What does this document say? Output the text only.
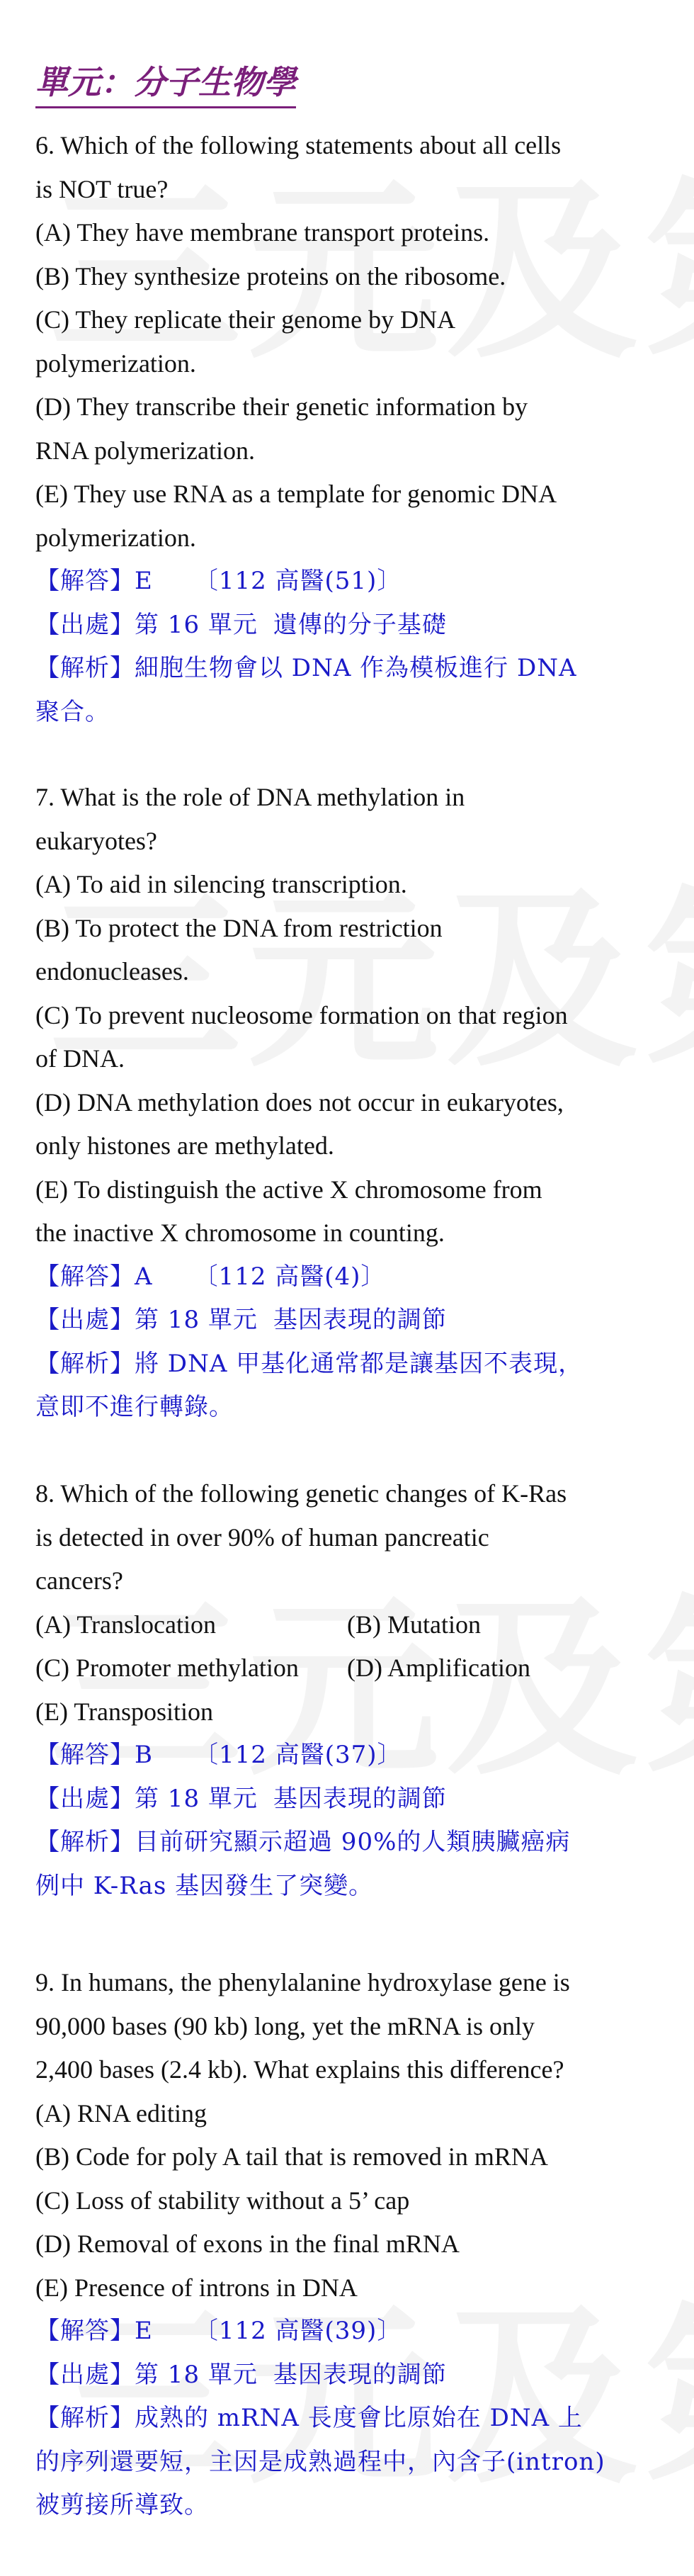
單元：分子生物學
6. Which of the following statements about all cells
is NOT true?
(A) They have membrane transport proteins.
(B) They synthesize proteins on the ribosome.
(C) They replicate their genome by DNA
polymerization.
(D) They transcribe their genetic information by
RNA polymerization.
(E) They use RNA as a template for genomic DNA
polymerization.
【解答】E 〔112 高醫(51)〕
【出處】第 16 單元 遺傳的分子基礎
【解析】細胞生物會以 DNA 作為模板進行 DNA
聚合。
7. What is the role of DNA methylation in
eukaryotes?
(A) To aid in silencing transcription.
(B) To protect the DNA from restriction
endonucleases.
(C) To prevent nucleosome formation on that region
of DNA.
(D) DNA methylation does not occur in eukaryotes,
only histones are methylated.
(E) To distinguish the active X chromosome from
the inactive X chromosome in counting.
【解答】A 〔112 高醫(4)〕
【出處】第 18 單元 基因表現的調節
【解析】將 DNA 甲基化通常都是讓基因不表現，
意即不進行轉錄。
8. Which of the following genetic changes of K-Ras
is detected in over 90% of human pancreatic
cancers?
(A) Translocation	(B) Mutation
(C) Promoter methylation	(D) Amplification
(E) Transposition
【解答】B 〔112 高醫(37)〕
【出處】第 18 單元 基因表現的調節
【解析】目前研究顯示超過 90%的人類胰臟癌病
例中 K-Ras 基因發生了突變。
9. In humans, the phenylalanine hydroxylase gene is
90,000 bases (90 kb) long, yet the mRNA is only
2,400 bases (2.4 kb). What explains this difference?
(A) RNA editing
(B) Code for poly A tail that is removed in mRNA
(C) Loss of stability without a 5’ cap
(D) Removal of exons in the final mRNA
(E) Presence of introns in DNA
【解答】E 〔112 高醫(39)〕
【出處】第 18 單元 基因表現的調節
【解析】成熟的 mRNA 長度會比原始在 DNA 上
的序列還要短，主因是成熟過程中，內含子(intron)
被剪接所導致。
